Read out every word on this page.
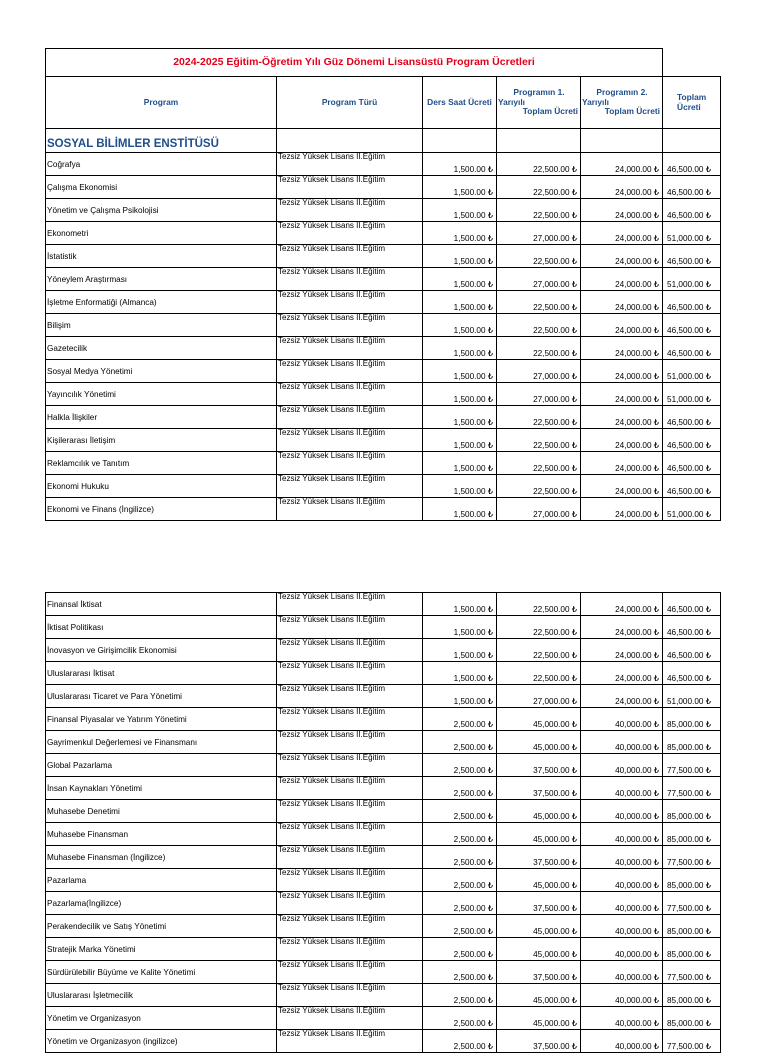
2024-2025 Eğitim-Öğretim Yılı Güz Dönemi Lisansüstü Program Ücretleri					
Program	Program Türü	Ders Saat Ücreti	Programın 1.
Yarıyılı
Toplam Ücreti	Programın 2.
Yarıyılı
Toplam Ücreti	Toplam
Ücreti

SOSYAL BİLİMLER ENSTİTÜSÜ					
Coğrafya	Tezsiz Yüksek Lisans II.Eğitim	1,500.00 ₺	22,500.00 ₺	24,000.00 ₺	46,500.00 ₺
Çalışma Ekonomisi	Tezsiz Yüksek Lisans II.Eğitim	1,500.00 ₺	22,500.00 ₺	24,000.00 ₺	46,500.00 ₺
Yönetim ve Çalışma Psikolojisi	Tezsiz Yüksek Lisans II.Eğitim	1,500.00 ₺	22,500.00 ₺	24,000.00 ₺	46,500.00 ₺
Ekonometri	Tezsiz Yüksek Lisans II.Eğitim	1,500.00 ₺	27,000.00 ₺	24,000.00 ₺	51,000.00 ₺
İstatistik	Tezsiz Yüksek Lisans II.Eğitim	1,500.00 ₺	22,500.00 ₺	24,000.00 ₺	46,500.00 ₺
Yöneylem Araştırması	Tezsiz Yüksek Lisans II.Eğitim	1,500.00 ₺	27,000.00 ₺	24,000.00 ₺	51,000.00 ₺
İşletme Enformatiği (Almanca)	Tezsiz Yüksek Lisans II.Eğitim	1,500.00 ₺	22,500.00 ₺	24,000.00 ₺	46,500.00 ₺
Bilişim	Tezsiz Yüksek Lisans II.Eğitim	1,500.00 ₺	22,500.00 ₺	24,000.00 ₺	46,500.00 ₺
Gazetecilik	Tezsiz Yüksek Lisans II.Eğitim	1,500.00 ₺	22,500.00 ₺	24,000.00 ₺	46,500.00 ₺
Sosyal Medya Yönetimi	Tezsiz Yüksek Lisans II.Eğitim	1,500.00 ₺	27,000.00 ₺	24,000.00 ₺	51,000.00 ₺
Yayıncılık Yönetimi	Tezsiz Yüksek Lisans II.Eğitim	1,500.00 ₺	27,000.00 ₺	24,000.00 ₺	51,000.00 ₺
Halkla İlişkiler	Tezsiz Yüksek Lisans II.Eğitim	1,500.00 ₺	22,500.00 ₺	24,000.00 ₺	46,500.00 ₺
Kişilerarası İletişim	Tezsiz Yüksek Lisans II.Eğitim	1,500.00 ₺	22,500.00 ₺	24,000.00 ₺	46,500.00 ₺
Reklamcılık ve Tanıtım	Tezsiz Yüksek Lisans II.Eğitim	1,500.00 ₺	22,500.00 ₺	24,000.00 ₺	46,500.00 ₺
Ekonomi Hukuku	Tezsiz Yüksek Lisans II.Eğitim	1,500.00 ₺	22,500.00 ₺	24,000.00 ₺	46,500.00 ₺
Ekonomi ve Finans (İngilizce)	Tezsiz Yüksek Lisans II.Eğitim	1,500.00 ₺	27,000.00 ₺	24,000.00 ₺	51,000.00 ₺
Finansal İktisat	Tezsiz Yüksek Lisans II.Eğitim	1,500.00 ₺	22,500.00 ₺	24,000.00 ₺	46,500.00 ₺
İktisat Politikası	Tezsiz Yüksek Lisans II.Eğitim	1,500.00 ₺	22,500.00 ₺	24,000.00 ₺	46,500.00 ₺
İnovasyon ve Girişimcilik Ekonomisi	Tezsiz Yüksek Lisans II.Eğitim	1,500.00 ₺	22,500.00 ₺	24,000.00 ₺	46,500.00 ₺
Uluslararası İktisat	Tezsiz Yüksek Lisans II.Eğitim	1,500.00 ₺	22,500.00 ₺	24,000.00 ₺	46,500.00 ₺
Uluslararası Ticaret ve Para Yönetimi	Tezsiz Yüksek Lisans II.Eğitim	1,500.00 ₺	27,000.00 ₺	24,000.00 ₺	51,000.00 ₺
Finansal Piyasalar ve Yatırım Yönetimi	Tezsiz Yüksek Lisans II.Eğitim	2,500.00 ₺	45,000.00 ₺	40,000.00 ₺	85,000.00 ₺
Gayrimenkul Değerlemesi ve Finansmanı	Tezsiz Yüksek Lisans II.Eğitim	2,500.00 ₺	45,000.00 ₺	40,000.00 ₺	85,000.00 ₺
Global Pazarlama	Tezsiz Yüksek Lisans II.Eğitim	2,500.00 ₺	37,500.00 ₺	40,000.00 ₺	77,500.00 ₺
İnsan Kaynakları Yönetimi	Tezsiz Yüksek Lisans II.Eğitim	2,500.00 ₺	37,500.00 ₺	40,000.00 ₺	77,500.00 ₺
Muhasebe Denetimi	Tezsiz Yüksek Lisans II.Eğitim	2,500.00 ₺	45,000.00 ₺	40,000.00 ₺	85,000.00 ₺
Muhasebe Finansman	Tezsiz Yüksek Lisans II.Eğitim	2,500.00 ₺	45,000.00 ₺	40,000.00 ₺	85,000.00 ₺
Muhasebe Finansman (İngilizce)	Tezsiz Yüksek Lisans II.Eğitim	2,500.00 ₺	37,500.00 ₺	40,000.00 ₺	77,500.00 ₺
Pazarlama	Tezsiz Yüksek Lisans II.Eğitim	2,500.00 ₺	45,000.00 ₺	40,000.00 ₺	85,000.00 ₺
Pazarlama(İngilizce)	Tezsiz Yüksek Lisans II.Eğitim	2,500.00 ₺	37,500.00 ₺	40,000.00 ₺	77,500.00 ₺
Perakendecilik ve Satış Yönetimi	Tezsiz Yüksek Lisans II.Eğitim	2,500.00 ₺	45,000.00 ₺	40,000.00 ₺	85,000.00 ₺
Stratejik Marka Yönetimi	Tezsiz Yüksek Lisans II.Eğitim	2,500.00 ₺	45,000.00 ₺	40,000.00 ₺	85,000.00 ₺
Sürdürülebilir Büyüme ve Kalite Yönetimi	Tezsiz Yüksek Lisans II.Eğitim	2,500.00 ₺	37,500.00 ₺	40,000.00 ₺	77,500.00 ₺
Uluslararası İşletmecilik	Tezsiz Yüksek Lisans II.Eğitim	2,500.00 ₺	45,000.00 ₺	40,000.00 ₺	85,000.00 ₺
Yönetim ve Organizasyon	Tezsiz Yüksek Lisans II.Eğitim	2,500.00 ₺	45,000.00 ₺	40,000.00 ₺	85,000.00 ₺
Yönetim ve Organizasyon (ingilizce)	Tezsiz Yüksek Lisans II.Eğitim	2,500.00 ₺	37,500.00 ₺	40,000.00 ₺	77,500.00 ₺
